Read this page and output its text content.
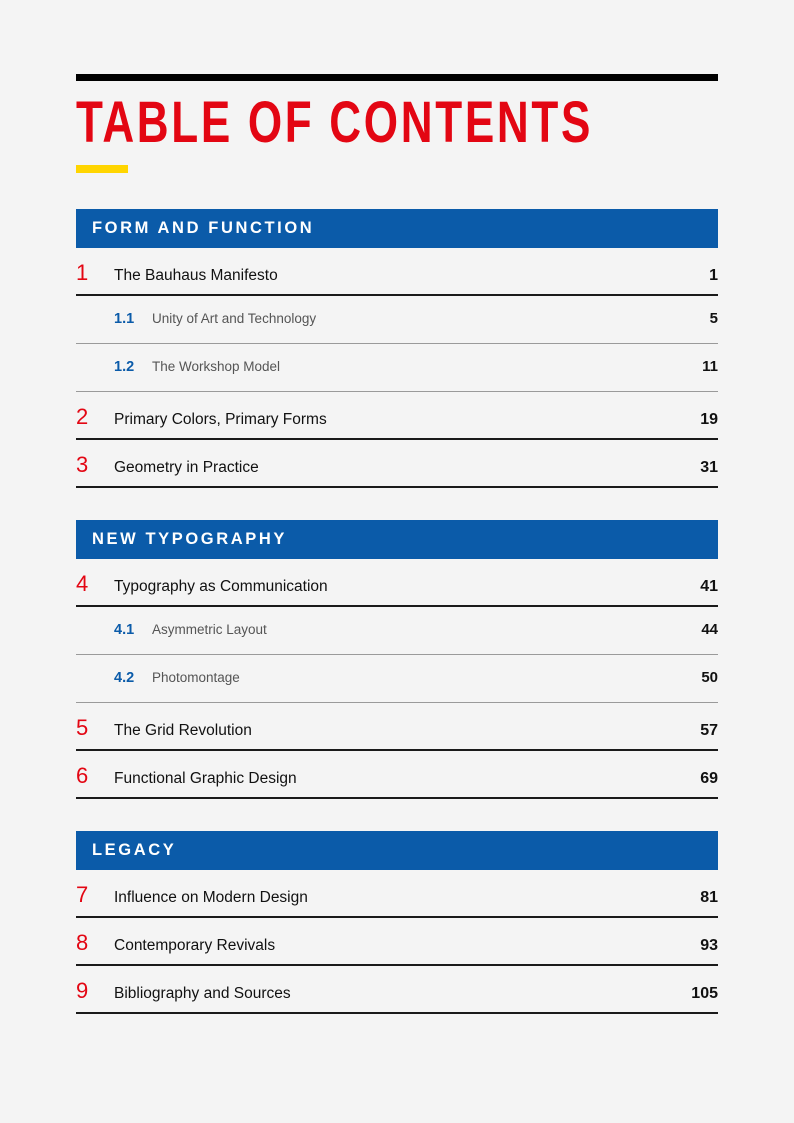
TABLE OF CONTENTS
FORM AND FUNCTION
1	The Bauhaus Manifesto	1
1.1	Unity of Art and Technology	5
1.2	The Workshop Model	11
2	Primary Colors, Primary Forms	19
3	Geometry in Practice	31
NEW TYPOGRAPHY
4	Typography as Communication	41
4.1	Asymmetric Layout	44
4.2	Photomontage	50
5	The Grid Revolution	57
6	Functional Graphic Design	69
LEGACY
7	Influence on Modern Design	81
8	Contemporary Revivals	93
9	Bibliography and Sources	105
